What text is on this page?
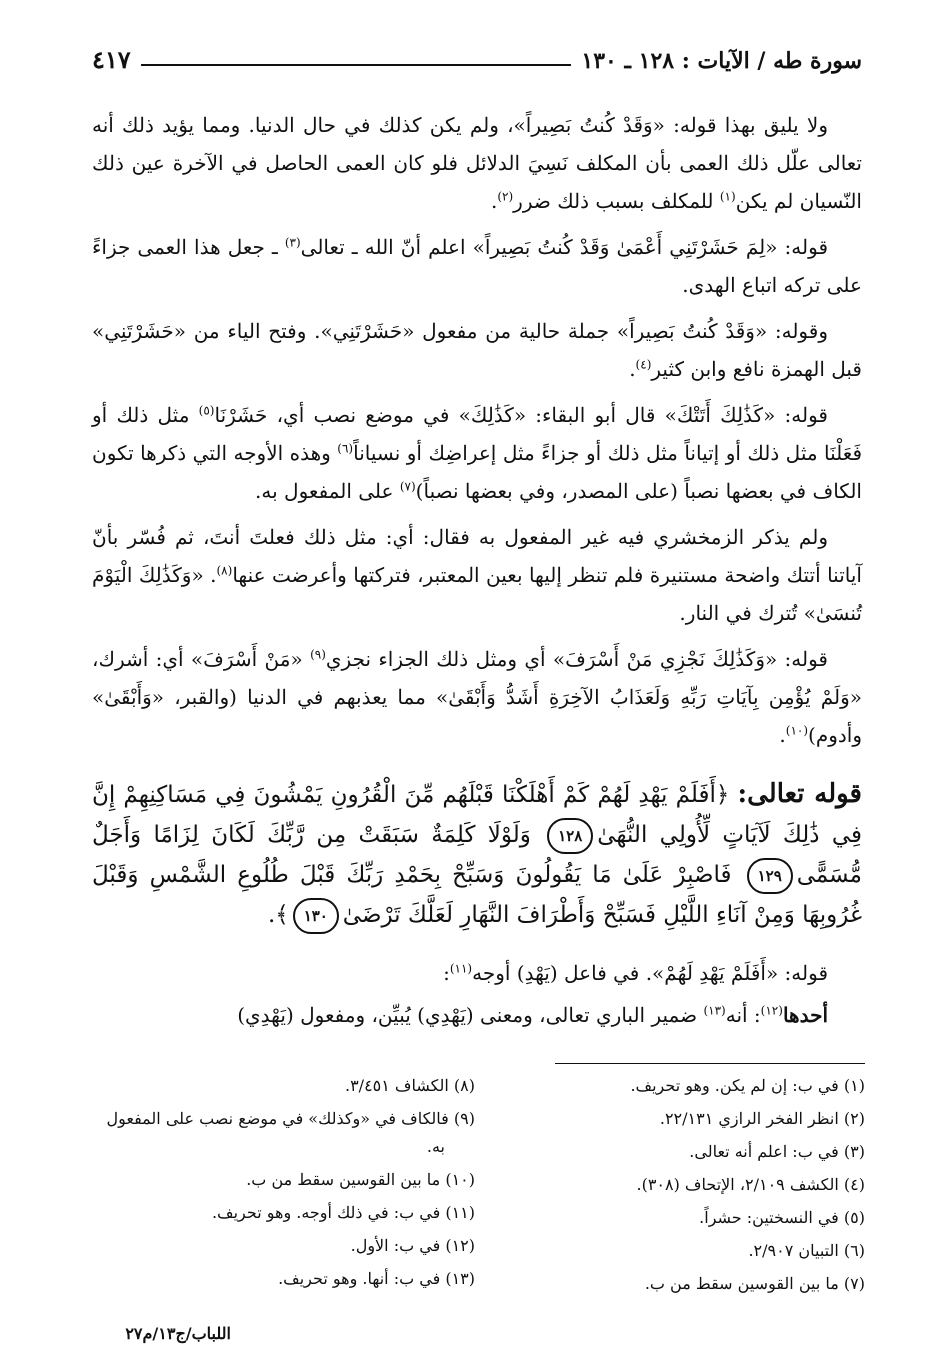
سورة طه / الآيات : ١٢٨ ـ ١٣٠
٤١٧

ولا يليق بهذا قوله: «وَقَدْ كُنتُ بَصِيراً»، ولم يكن كذلك في حال الدنيا. ومما يؤيد ذلك أنه تعالى علّل ذلك العمى بأن المكلف نَسِيَ الدلائل فلو كان العمى الحاصل في الآخرة عين ذلك النّسيان لم يكن$^{(١)}$ للمكلف بسبب ذلك ضرر$^{(٢)}$.

قوله: «لِمَ حَشَرْتَنِي أَعْمَىٰ وَقَدْ كُنتُ بَصِيراً» اعلم أنّ الله ـ تعالى$^{(٣)}$ ـ جعل هذا العمى جزاءً على تركه اتباع الهدى.

وقوله: «وَقَدْ كُنتُ بَصِيراً» جملة حالية من مفعول «حَشَرْتَنِي». وفتح الياء من «حَشَرْتَنِي» قبل الهمزة نافع وابن كثير$^{(٤)}$.

قوله: «كَذَٰلِكَ أَتَتْكَ» قال أبو البقاء: «كَذَٰلِكَ» في موضع نصب أي، حَشَرْنَا$^{(٥)}$ مثل ذلك أو فَعَلْنَا مثل ذلك أو إتياناً مثل ذلك أو جزاءً مثل إعراضِك أو نسياناً$^{(٦)}$ وهذه الأوجه التي ذكرها تكون الكاف في بعضها نصباً (على المصدر، وفي بعضها نصباً)$^{(٧)}$ على المفعول به.

ولم يذكر الزمخشري فيه غير المفعول به فقال: أي: مثل ذلك فعلتَ أنتَ، ثم فُسّر بأنّ آياتنا أتتك واضحة مستنيرة فلم تنظر إليها بعين المعتبر، فتركتها وأعرضت عنها$^{(٨)}$. «وَكَذَٰلِكَ الْيَوْمَ تُنسَىٰ» تُترك في النار.

قوله: «وَكَذَٰلِكَ نَجْزِي مَنْ أَسْرَفَ» أي ومثل ذلك الجزاء نجزي$^{(٩)}$ «مَنْ أَسْرَفَ» أي: أشرك، «وَلَمْ يُؤْمِن بِآيَاتِ رَبِّهِ وَلَعَذَابُ الآخِرَةِ أَشَدُّ وَأَبْقَىٰ» مما يعذبهم في الدنيا (والقبر، «وَأَبْقَىٰ» وأدوم)$^{(١٠)}$.

قوله تعالى: ﴿أَفَلَمْ يَهْدِ لَهُمْ كَمْ أَهْلَكْنَا قَبْلَهُم مِّنَ الْقُرُونِ يَمْشُونَ فِي مَسَاكِنِهِمْ إِنَّ فِي ذَٰلِكَ لَآيَاتٍ لِّأُولِي النُّهَىٰ١٢٨ وَلَوْلَا كَلِمَةٌ سَبَقَتْ مِن رَّبِّكَ لَكَانَ لِزَامًا وَأَجَلٌ مُّسَمًّى١٢٩ فَاصْبِرْ عَلَىٰ مَا يَقُولُونَ وَسَبِّحْ بِحَمْدِ رَبِّكَ قَبْلَ طُلُوعِ الشَّمْسِ وَقَبْلَ غُرُوبِهَا وَمِنْ آنَاءِ اللَّيْلِ فَسَبِّحْ وَأَطْرَافَ النَّهَارِ لَعَلَّكَ تَرْضَىٰ١٣٠﴾.

قوله: «أَفَلَمْ يَهْدِ لَهُمْ». في فاعل (يَهْدِ) أوجه$^{(١١)}$:

أحدها$^{(١٢)}$: أنه$^{(١٣)}$ ضمير الباري تعالى، ومعنى (يَهْدِي) يُبيِّن، ومفعول (يَهْدِي)

(١) في ب: إن لم يكن. وهو تحريف.

(٢) انظر الفخر الرازي ٢٢/١٣١.

(٣) في ب: اعلم أنه تعالى.

(٤) الكشف ٢/١٠٩، الإتحاف (٣٠٨).

(٥) في النسختين: حشراً.

(٦) التبيان ٢/٩٠٧.

(٧) ما بين القوسين سقط من ب.

(٨) الكشاف ٣/٤٥١.

(٩) فالكاف في «وكذلك» في موضع نصب على المفعول به.

(١٠) ما بين القوسين سقط من ب.

(١١) في ب: في ذلك أوجه. وهو تحريف.

(١٢) في ب: الأول.

(١٣) في ب: أنها. وهو تحريف.

اللباب/ج١٣/م٢٧
